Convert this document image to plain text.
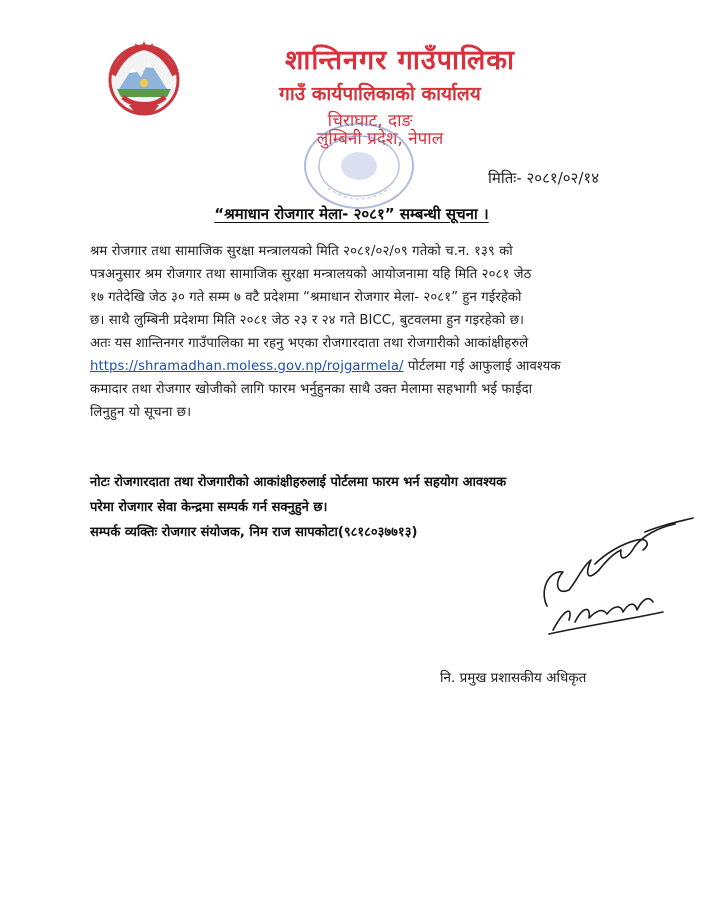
शान्तिनगर गाउँपालिका
गाउँ कार्यपालिकाको कार्यालय
चिराघाट, दाङ
लुम्बिनी प्रदेश, नेपाल
मितिः- २०८१/०२/१४
“श्रमाधान रोजगार मेला- २०८१” सम्बन्धी सूचना ।
श्रम रोजगार तथा सामाजिक सुरक्षा मन्त्रालयको मिति २०८१/०२/०९ गतेको च.न. १३९ को
पत्रअनुसार श्रम रोजगार तथा सामाजिक सुरक्षा मन्त्रालयको आयोजनामा यहि मिति २०८१ जेठ
१७ गतेदेखि जेठ ३० गते सम्म ७ वटै प्रदेशमा “श्रमाधान रोजगार मेला- २०८१” हुन गईरहेको
छ। साथै लुम्बिनी प्रदेशमा मिति २०८१ जेठ २३ र २४ गते BICC, बुटवलमा हुन गइरहेको छ।
अतः यस शान्तिनगर गाउँपालिका मा रहनु भएका रोजगारदाता तथा रोजगारीको आकांक्षीहरुले
https://shramadhan.moless.gov.np/rojgarmela/ पोर्टलमा गई आफुलाई आवश्यक
कमादार तथा रोजगार खोजीको लागि फारम भर्नुहुनका साथै उक्त मेलामा सहभागी भई फाईदा
लिनुहुन यो सूचना छ।
नोटः रोजगारदाता तथा रोजगारीको आकांक्षीहरुलाई पोर्टलमा फारम भर्न सहयोग आवश्यक
परेमा रोजगार सेवा केन्द्रमा सम्पर्क गर्न सक्नुहुने छ।
सम्पर्क व्यक्तिः रोजगार संयोजक, निम राज सापकोटा(९८१८०३७७१३)
नि. प्रमुख प्रशासकीय अधिकृत
